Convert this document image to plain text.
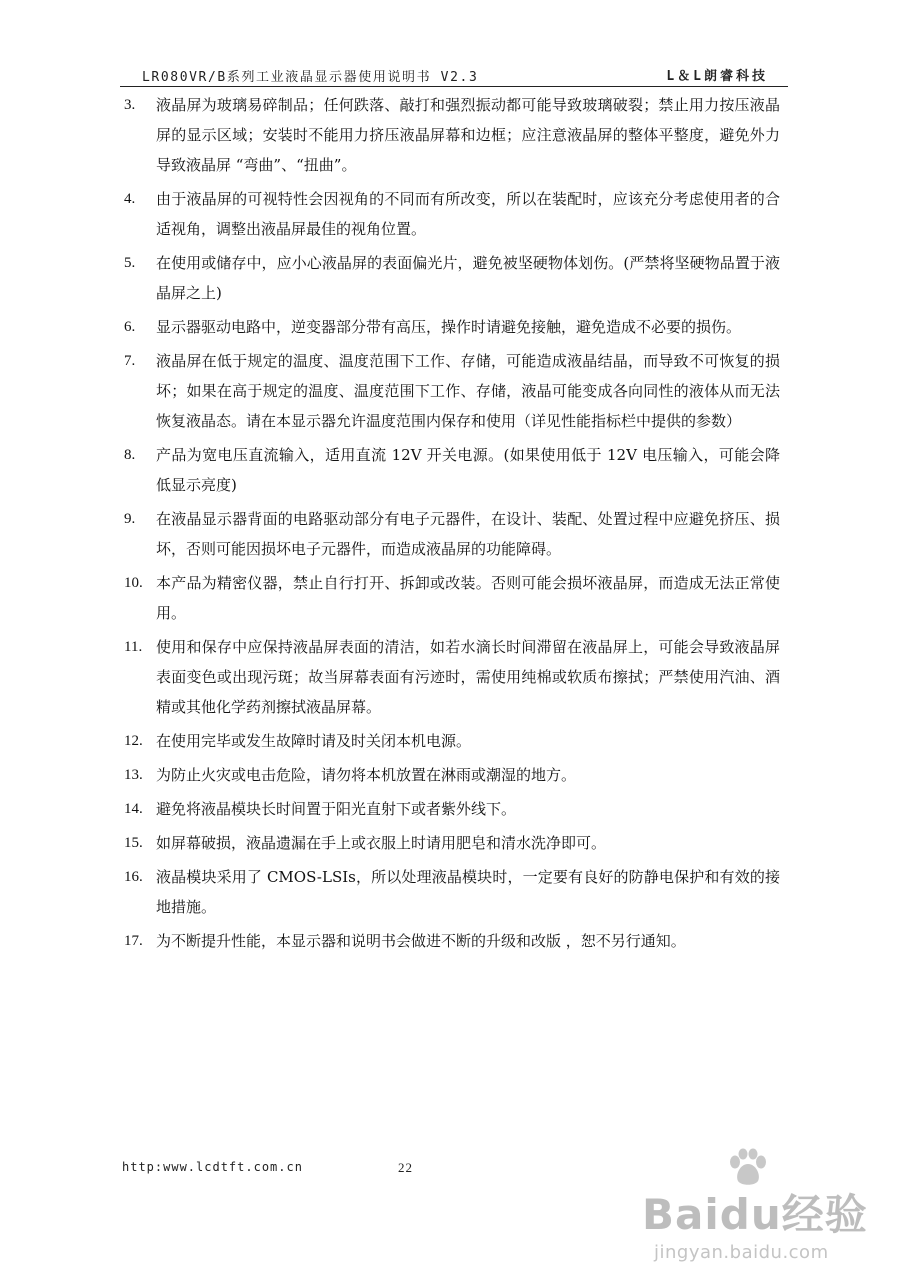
LR080VR/B系列工业液晶显示器使用说明书 V2.3	L＆L朗睿科技
3. 液晶屏为玻璃易碎制品；任何跌落、敲打和强烈振动都可能导致玻璃破裂；禁止用力按压液晶屏的显示区域；安装时不能用力挤压液晶屏幕和边框；应注意液晶屏的整体平整度，避免外力导致液晶屏 “弯曲”、“扭曲”。
4. 由于液晶屏的可视特性会因视角的不同而有所改变，所以在装配时，应该充分考虑使用者的合适视角，调整出液晶屏最佳的视角位置。
5. 在使用或储存中，应小心液晶屏的表面偏光片，避免被坚硬物体划伤。(严禁将坚硬物品置于液晶屏之上)
6. 显示器驱动电路中，逆变器部分带有高压，操作时请避免接触，避免造成不必要的损伤。
7. 液晶屏在低于规定的温度、温度范围下工作、存储，可能造成液晶结晶，而导致不可恢复的损坏；如果在高于规定的温度、温度范围下工作、存储，液晶可能变成各向同性的液体从而无法恢复液晶态。请在本显示器允许温度范围内保存和使用（详见性能指标栏中提供的参数）
8. 产品为宽电压直流输入，适用直流 12V 开关电源。(如果使用低于 12V 电压输入，可能会降低显示亮度)
9. 在液晶显示器背面的电路驱动部分有电子元器件，在设计、装配、处置过程中应避免挤压、损坏，否则可能因损坏电子元器件，而造成液晶屏的功能障碍。
10. 本产品为精密仪器，禁止自行打开、拆卸或改装。否则可能会损坏液晶屏，而造成无法正常使用。
11. 使用和保存中应保持液晶屏表面的清洁，如若水滴长时间滞留在液晶屏上，可能会导致液晶屏表面变色或出现污斑；故当屏幕表面有污迹时，需使用纯棉或软质布擦拭；严禁使用汽油、酒精或其他化学药剂擦拭液晶屏幕。
12. 在使用完毕或发生故障时请及时关闭本机电源。
13. 为防止火灾或电击危险，请勿将本机放置在淋雨或潮湿的地方。
14. 避免将液晶模块长时间置于阳光直射下或者紫外线下。
15. 如屏幕破损，液晶遗漏在手上或衣服上时请用肥皂和清水洗净即可。
16. 液晶模块采用了 CMOS-LSIs，所以处理液晶模块时，一定要有良好的防静电保护和有效的接地措施。
17. 为不断提升性能，本显示器和说明书会做进不断的升级和改版 ，恕不另行通知。
http:www.lcdtft.com.cn	22
Baidu经验
jingyan.baidu.com
